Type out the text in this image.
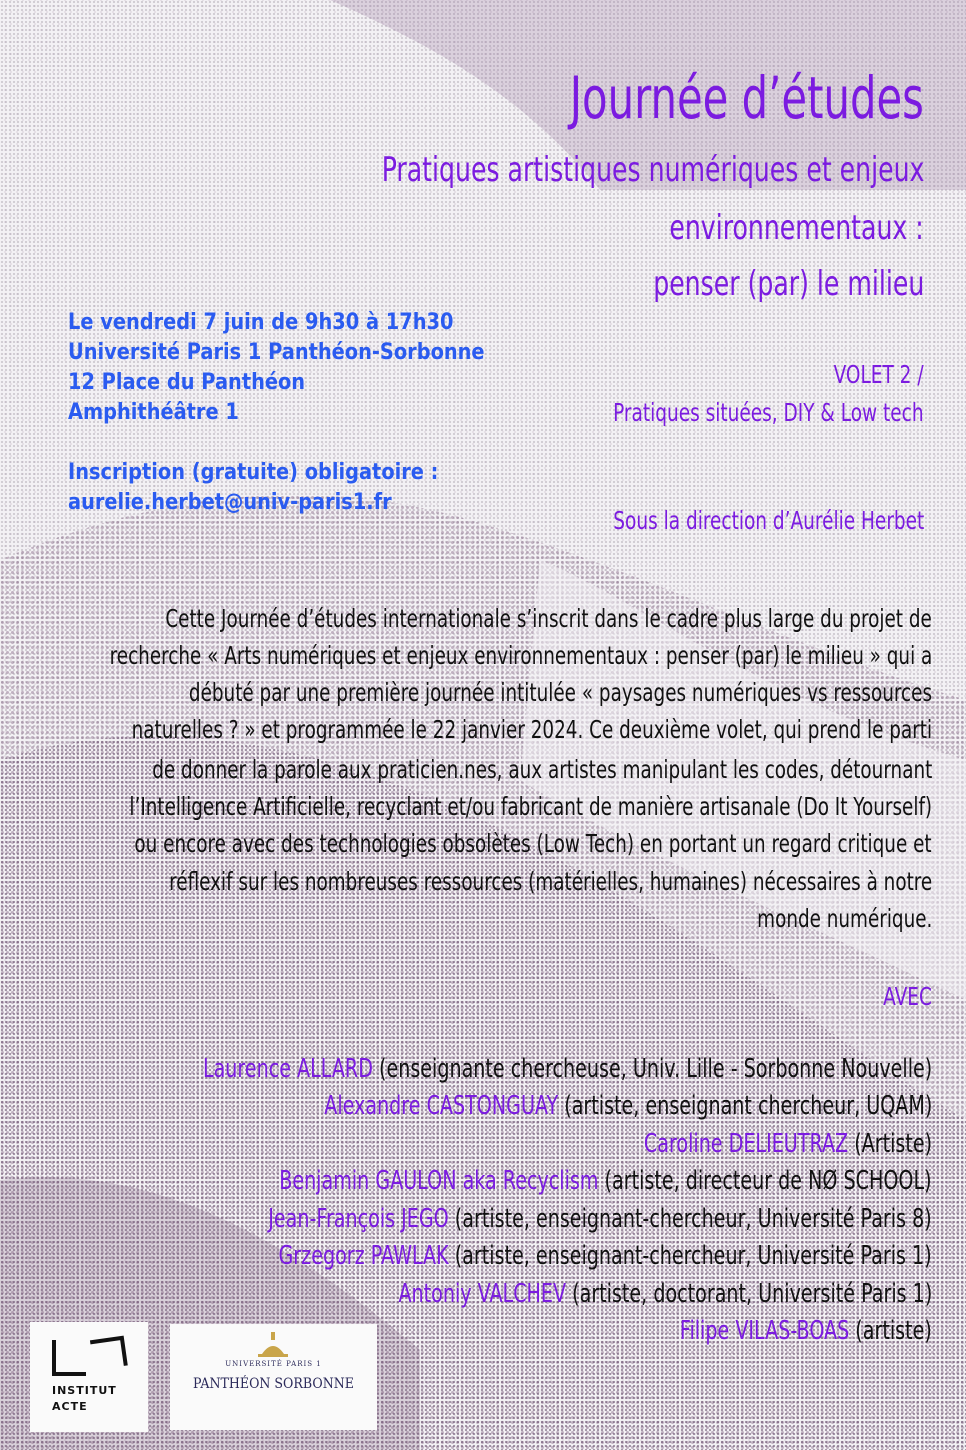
Journée d’études

Pratiques artistiques numériques et enjeux

environnementaux :

penser (par) le milieu

Le vendredi 7 juin de 9h30 à 17h30

Université Paris 1 Panthéon-Sorbonne

12 Place du Panthéon

Amphithéâtre 1

Inscription (gratuite) obligatoire :

aurelie.herbet@univ-paris1.fr

VOLET 2 /

Pratiques situées, DIY & Low tech

Sous la direction d’Aurélie Herbet

Cette Journée d’études internationale s’inscrit dans le cadre plus large du projet de

recherche « Arts numériques et enjeux environnementaux : penser (par) le milieu » qui a

débuté par une première journée intitulée « paysages numériques vs ressources

naturelles ? » et programmée le 22 janvier 2024. Ce deuxième volet, qui prend le parti

de donner la parole aux praticien.nes, aux artistes manipulant les codes, détournant

l’Intelligence Artificielle, recyclant et/ou fabricant de manière artisanale (Do It Yourself)

ou encore avec des technologies obsolètes (Low Tech) en portant un regard critique et

réflexif sur les nombreuses ressources (matérielles, humaines) nécessaires à notre

monde numérique.

AVEC

Laurence ALLARD (enseignante chercheuse, Univ. Lille - Sorbonne Nouvelle)

Alexandre CASTONGUAY (artiste, enseignant chercheur, UQAM)

Caroline DELIEUTRAZ (Artiste)

Benjamin GAULON aka Recyclism (artiste, directeur de NØ SCHOOL)

Jean-François JEGO (artiste, enseignant-chercheur, Université Paris 8)

Grzegorz PAWLAK (artiste, enseignant-chercheur, Université Paris 1)

Antoniy VALCHEV (artiste, doctorant, Université Paris 1)

Filipe VILAS-BOAS (artiste)

INSTITUT
ACTE
UNIVERSITÉ PARIS 1
PANTHÉON SORBONNE
